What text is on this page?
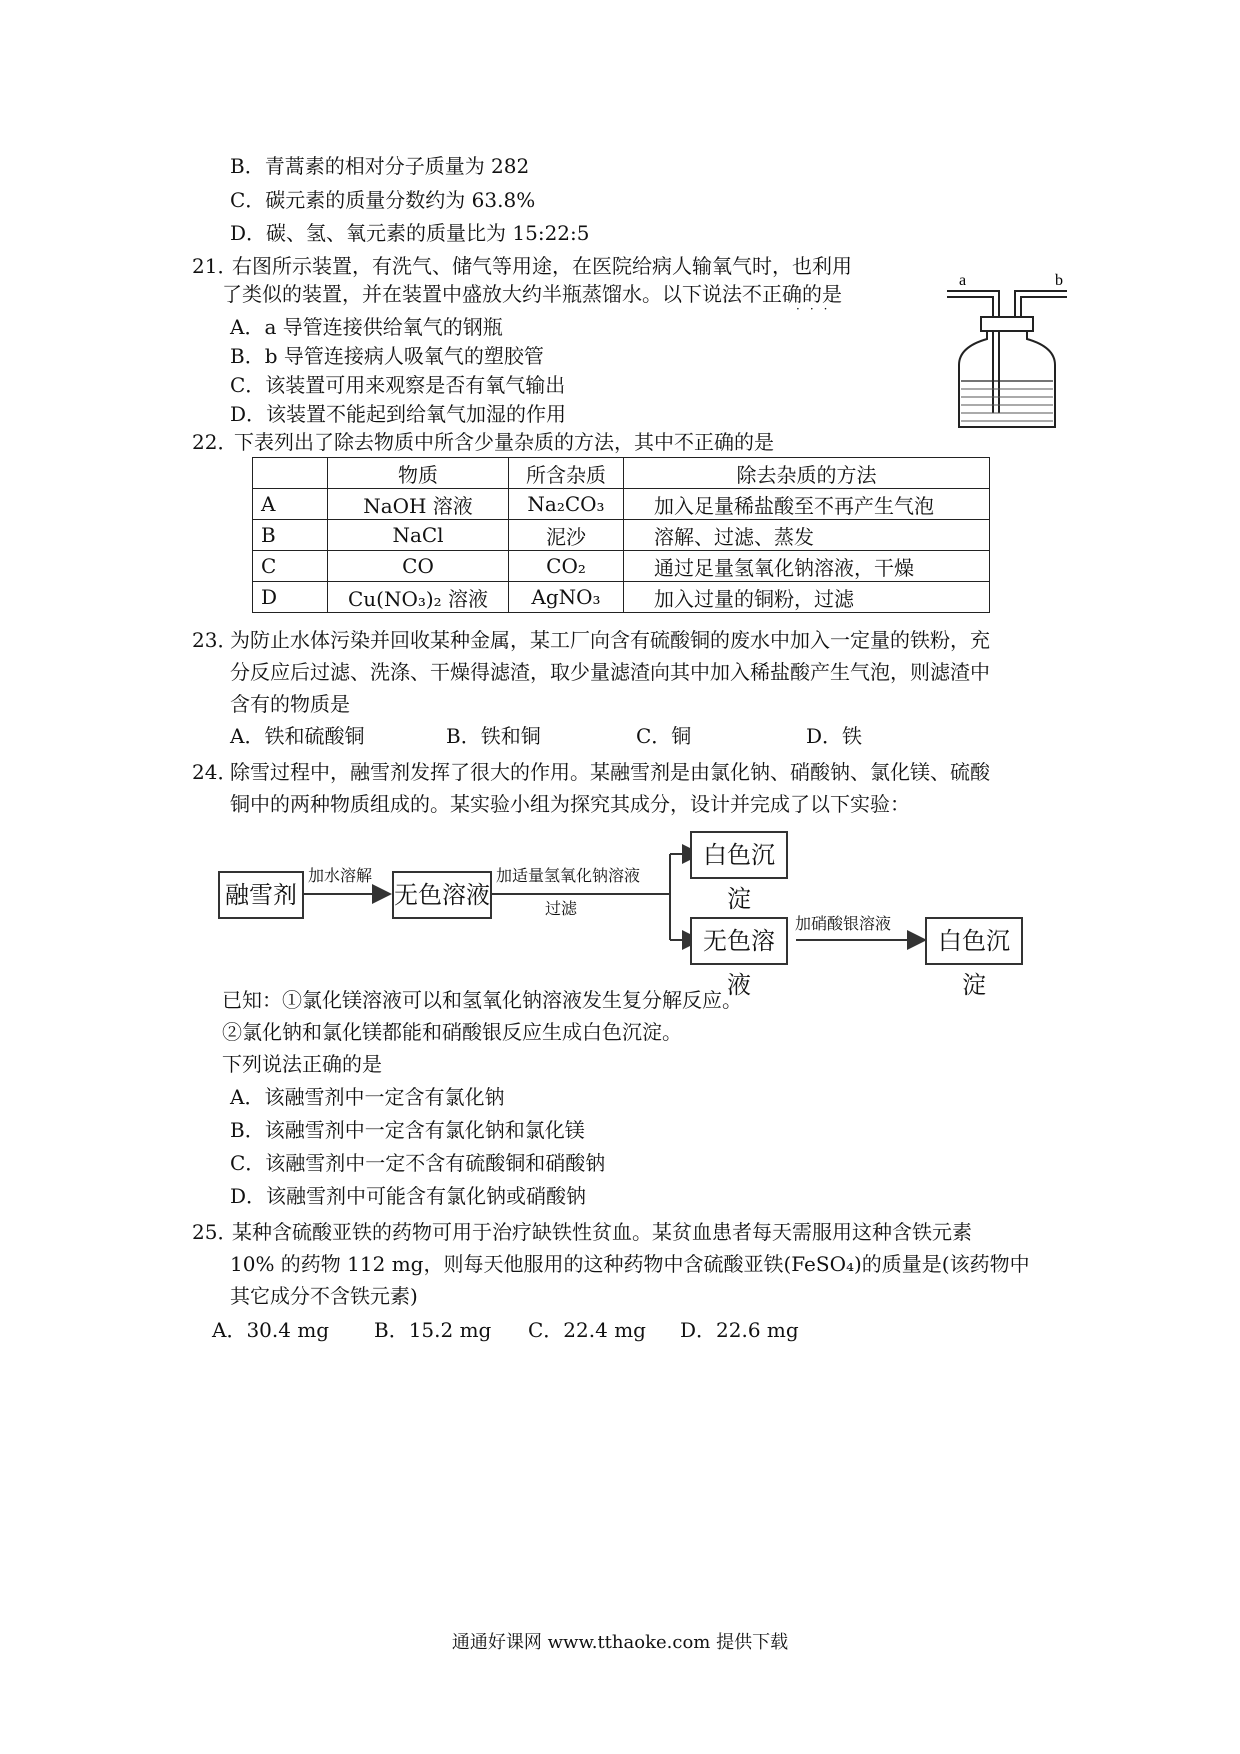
B．青蒿素的相对分子质量为 282
C．碳元素的质量分数约为 63.8%
D．碳、氢、氧元素的质量比为 15:22:5
21．
右图所示装置，有洗气、储气等用途，在医院给病人输氧气时，也利用
了类似的装置，并在装置中盛放大约半瓶蒸馏水。以下说法不正确的是
···
A．a 导管连接供给氧气的钢瓶
B．b 导管连接病人吸氧气的塑胶管
C．该装置可用来观察是否有氧气输出
D．该装置不能起到给氧气加湿的作用
a	b
22．
下表列出了除去物质中所含少量杂质的方法，其中不正确的是
	物质	所含杂质	除去杂质的方法
A	NaOH 溶液	Na₂CO₃	加入足量稀盐酸至不再产生气泡
B	NaCl	泥沙	溶解、过滤、蒸发
C	CO	CO₂	通过足量氢氧化钠溶液，干燥
D	Cu(NO₃)₂ 溶液	AgNO₃	加入过量的铜粉，过滤
23．
为防止水体污染并回收某种金属，某工厂向含有硫酸铜的废水中加入一定量的铁粉，充
分反应后过滤、洗涤、干燥得滤渣，取少量滤渣向其中加入稀盐酸产生气泡，则滤渣中
含有的物质是
A．铁和硫酸铜	B．铁和铜	C．铜	D．铁
24．
除雪过程中，融雪剂发挥了很大的作用。某融雪剂是由氯化钠、硝酸钠、氯化镁、硫酸
铜中的两种物质组成的。某实验小组为探究其成分，设计并完成了以下实验：
融雪剂
加水溶解
无色溶液
加适量氢氧化钠溶液
过滤
白色沉淀
无色溶液
加硝酸银溶液
白色沉淀
已知：①氯化镁溶液可以和氢氧化钠溶液发生复分解反应。
②氯化钠和氯化镁都能和硝酸银反应生成白色沉淀。
下列说法正确的是
A．该融雪剂中一定含有氯化钠
B．该融雪剂中一定含有氯化钠和氯化镁
C．该融雪剂中一定不含有硫酸铜和硝酸钠
D．该融雪剂中可能含有氯化钠或硝酸钠
25．
某种含硫酸亚铁的药物可用于治疗缺铁性贫血。某贫血患者每天需服用这种含铁元素
10% 的药物 112 mg，则每天他服用的这种药物中含硫酸亚铁(FeSO₄)的质量是(该药物中
其它成分不含铁元素)
A．30.4 mg B．15.2 mg C．22.4 mg D．22.6 mg
通通好课网 www.tthaoke.com 提供下载
